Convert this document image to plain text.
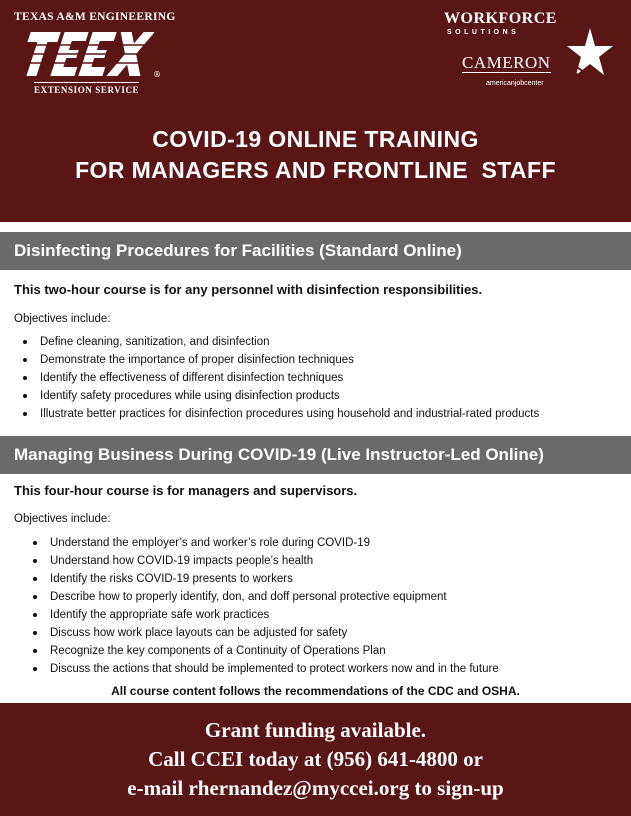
TEXAS A&M ENGINEERING
®
EXTENSION SERVICE
WORKFORCE
SOLUTIONS
CAMERON
americanjobcenter
COVID-19 ONLINE TRAINING
FOR MANAGERS AND FRONTLINE  STAFF
Disinfecting Procedures for Facilities (Standard Online)
This two-hour course is for any personnel with disinfection responsibilities.
Objectives include:
Define cleaning, sanitization, and disinfection
Demonstrate the importance of proper disinfection techniques
Identify the effectiveness of different disinfection techniques
Identify safety procedures while using disinfection products
Illustrate better practices for disinfection procedures using household and industrial-rated products
Managing Business During COVID-19 (Live Instructor-Led Online)
This four-hour course is for managers and supervisors.
Objectives include:
Understand the employer’s and worker’s role during COVID-19
Understand how COVID-19 impacts people’s health
Identify the risks COVID-19 presents to workers
Describe how to properly identify, don, and doff personal protective equipment
Identify the appropriate safe work practices
Discuss how work place layouts can be adjusted for safety
Recognize the key components of a Continuity of Operations Plan
Discuss the actions that should be implemented to protect workers now and in the future
All course content follows the recommendations of the CDC and OSHA.
Grant funding available.
Call CCEI today at (956) 641-4800 or
e-mail rhernandez@myccei.org to sign-up
